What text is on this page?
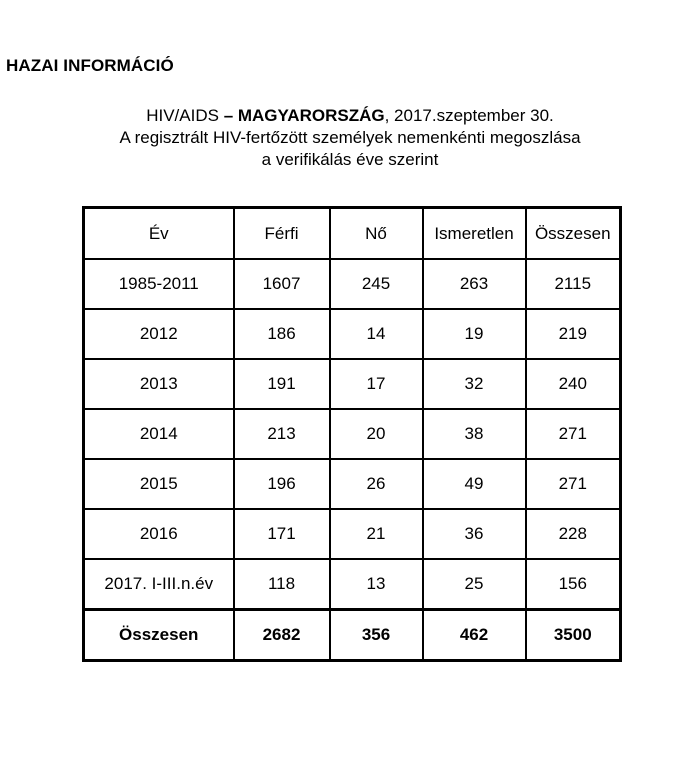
HAZAI INFORMÁCIÓ
HIV/AIDS – MAGYARORSZÁG, 2017.szeptember 30.
A regisztrált HIV-fertőzött személyek nemenkénti megoszlása
a verifikálás éve szerint
Év	Férfi	Nő	Ismeretlen	Összesen
1985-2011	1607	245	263	2115
2012	186	14	19	219
2013	191	17	32	240
2014	213	20	38	271
2015	196	26	49	271
2016	171	21	36	228
2017. I-III.n.év	118	13	25	156
Összesen	2682	356	462	3500
